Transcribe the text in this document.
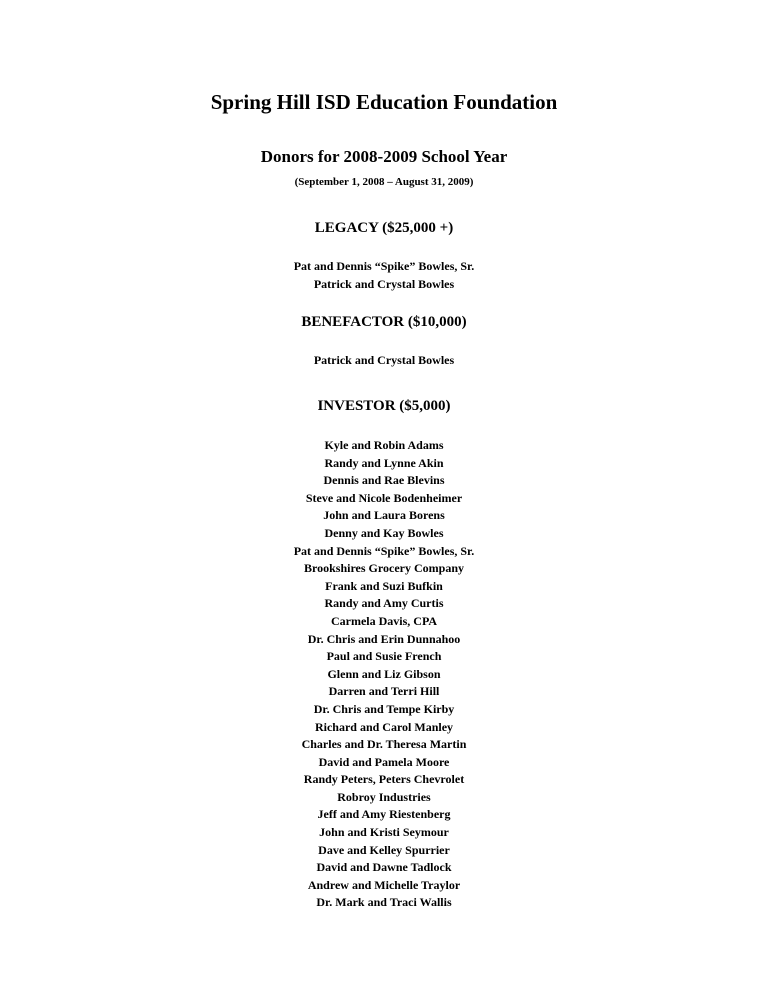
Spring Hill ISD Education Foundation
Donors for 2008-2009 School Year
(September 1, 2008 – August 31, 2009)
LEGACY ($25,000 +)
Pat and Dennis “Spike” Bowles, Sr.
Patrick and Crystal Bowles
BENEFACTOR ($10,000)
Patrick and Crystal Bowles
INVESTOR ($5,000)
Kyle and Robin Adams
Randy and Lynne Akin
Dennis and Rae Blevins
Steve and Nicole Bodenheimer
John and Laura Borens
Denny and Kay Bowles
Pat and Dennis “Spike” Bowles, Sr.
Brookshires Grocery Company
Frank and Suzi Bufkin
Randy and Amy Curtis
Carmela Davis, CPA
Dr. Chris and Erin Dunnahoo
Paul and Susie French
Glenn and Liz Gibson
Darren and Terri Hill
Dr. Chris and Tempe Kirby
Richard and Carol Manley
Charles and Dr. Theresa Martin
David and Pamela Moore
Randy Peters, Peters Chevrolet
Robroy Industries
Jeff and Amy Riestenberg
John and Kristi Seymour
Dave and Kelley Spurrier
David and Dawne Tadlock
Andrew and Michelle Traylor
Dr. Mark and Traci Wallis
